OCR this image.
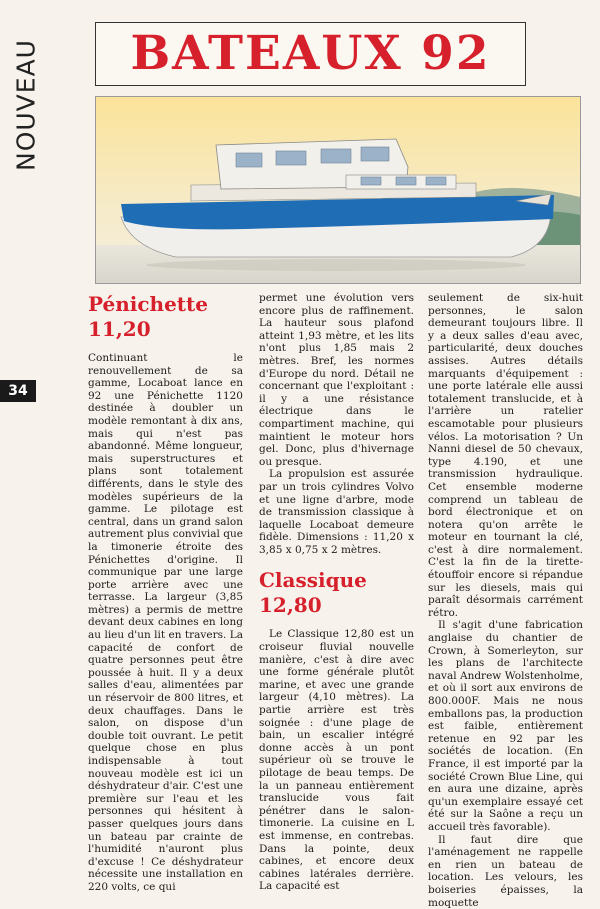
NOUVEAU	BATEAUX 92
34
Pénichette
11,20

Continuant le renouvellement de sa gamme, Locaboat lance en 92 une Pénichette 1120 destinée à doubler un modèle remontant à dix ans, mais qui n'est pas abandonné. Même longueur, mais superstructures et plans sont totalement différents, dans le style des modèles supérieurs de la gamme. Le pilotage est central, dans un grand salon autrement plus convivial que la timonerie étroite des Pénichettes d'origine. Il communique par une large porte arrière avec une terrasse. La largeur (3,85 mètres) a permis de mettre devant deux cabines en long au lieu d'un lit en travers. La capacité de confort de quatre personnes peut être poussée à huit. Il y a deux salles d'eau, alimentées par un réservoir de 800 litres, et deux chauffages. Dans le salon, on dispose d'un double toit ouvrant. Le petit quelque chose en plus indispensable à tout nouveau modèle est ici un déshydrateur d'air. C'est une première sur l'eau et les personnes qui hésitent à passer quelques jours dans un bateau par crainte de l'humidité n'auront plus d'excuse ! Ce déshydrateur nécessite une installation en 220 volts, ce qui

permet une évolution vers encore plus de raffinement. La hauteur sous plafond atteint 1,93 mètre, et les lits n'ont plus 1,85 mais 2 mètres. Bref, les normes d'Europe du nord. Détail ne concernant que l'exploitant : il y a une résistance électrique dans le compartiment machine, qui maintient le moteur hors gel. Donc, plus d'hivernage ou presque.

La propulsion est assurée par un trois cylindres Volvo et une ligne d'arbre, mode de transmission classique à laquelle Locaboat demeure fidèle. Dimensions : 11,20 x 3,85 x 0,75 x 2 mètres.

Classique
12,80

Le Classique 12,80 est un croiseur fluvial nouvelle manière, c'est à dire avec une forme générale plutôt marine, et avec une grande largeur (4,10 mètres). La partie arrière est très soignée : d'une plage de bain, un escalier intégré donne accès à un pont supérieur où se trouve le pilotage de beau temps. De la un panneau entièrement translucide vous fait pénétrer dans le salon-timonerie. La cuisine en L est immense, en contrebas. Dans la pointe, deux cabines, et encore deux cabines latérales derrière. La capacité est

seulement de six-huit personnes, le salon demeurant toujours libre. Il y a deux salles d'eau avec, particularité, deux douches assises. Autres détails marquants d'équipement : une porte latérale elle aussi totalement translucide, et à l'arrière un ratelier escamotable pour plusieurs vélos. La motorisation ? Un Nanni diesel de 50 chevaux, type 4.190, et une transmission hydraulique. Cet ensemble moderne comprend un tableau de bord électronique et on notera qu'on arrête le moteur en tournant la clé, c'est à dire normalement. C'est la fin de la tirette-étouffoir encore si répandue sur les diesels, mais qui paraît désormais carrément rétro.

Il s'agit d'une fabrication anglaise du chantier de Crown, à Somerleyton, sur les plans de l'architecte naval Andrew Wolstenholme, et où il sort aux environs de 800.000F. Mais ne nous emballons pas, la production est faible, entièrement retenue en 92 par les sociétés de location. (En France, il est importé par la société Crown Blue Line, qui en aura une dizaine, après qu'un exemplaire essayé cet été sur la Saône a reçu un accueil très favorable).

Il faut dire que l'aménagement ne rappelle en rien un bateau de location. Les velours, les boiseries épaisses, la moquette
